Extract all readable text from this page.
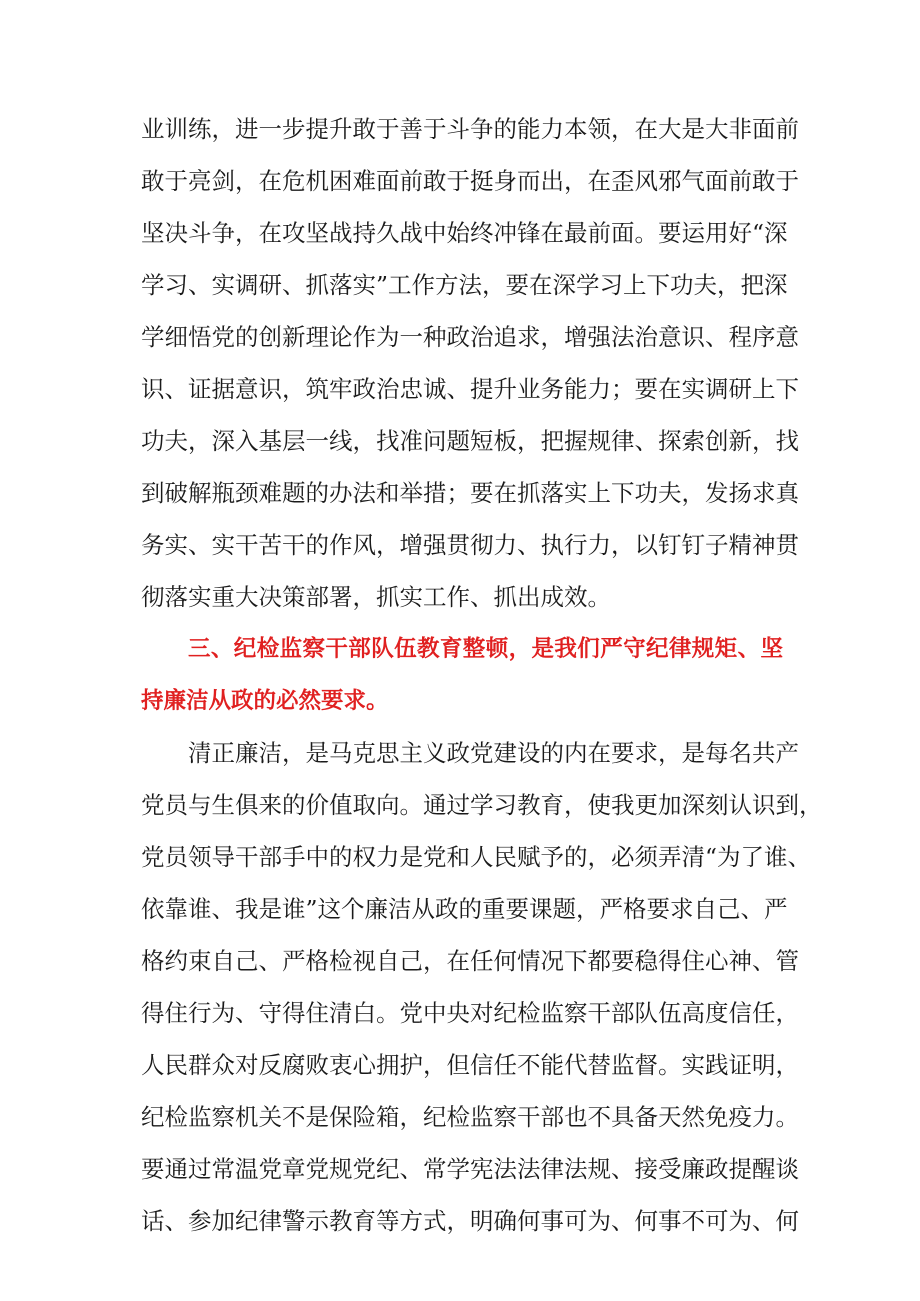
业训练，进一步提升敢于善于斗争的能力本领，在大是大非面前
敢于亮剑，在危机困难面前敢于挺身而出，在歪风邪气面前敢于
坚决斗争，在攻坚战持久战中始终冲锋在最前面。要运用好“深
学习、实调研、抓落实”工作方法，要在深学习上下功夫，把深
学细悟党的创新理论作为一种政治追求，增强法治意识、程序意
识、证据意识，筑牢政治忠诚、提升业务能力；要在实调研上下
功夫，深入基层一线，找准问题短板，把握规律、探索创新，找
到破解瓶颈难题的办法和举措；要在抓落实上下功夫，发扬求真
务实、实干苦干的作风，增强贯彻力、执行力，以钉钉子精神贯
彻落实重大决策部署，抓实工作、抓出成效。
三、纪检监察干部队伍教育整顿，是我们严守纪律规矩、坚
持廉洁从政的必然要求。
清正廉洁，是马克思主义政党建设的内在要求，是每名共产
党员与生俱来的价值取向。通过学习教育，使我更加深刻认识到，
党员领导干部手中的权力是党和人民赋予的，必须弄清“为了谁、
依靠谁、我是谁”这个廉洁从政的重要课题，严格要求自己、严
格约束自己、严格检视自己，在任何情况下都要稳得住心神、管
得住行为、守得住清白。党中央对纪检监察干部队伍高度信任，
人民群众对反腐败衷心拥护，但信任不能代替监督。实践证明，
纪检监察机关不是保险箱，纪检监察干部也不具备天然免疫力。
要通过常温党章党规党纪、常学宪法法律法规、接受廉政提醒谈
话、参加纪律警示教育等方式，明确何事可为、何事不可为、何
